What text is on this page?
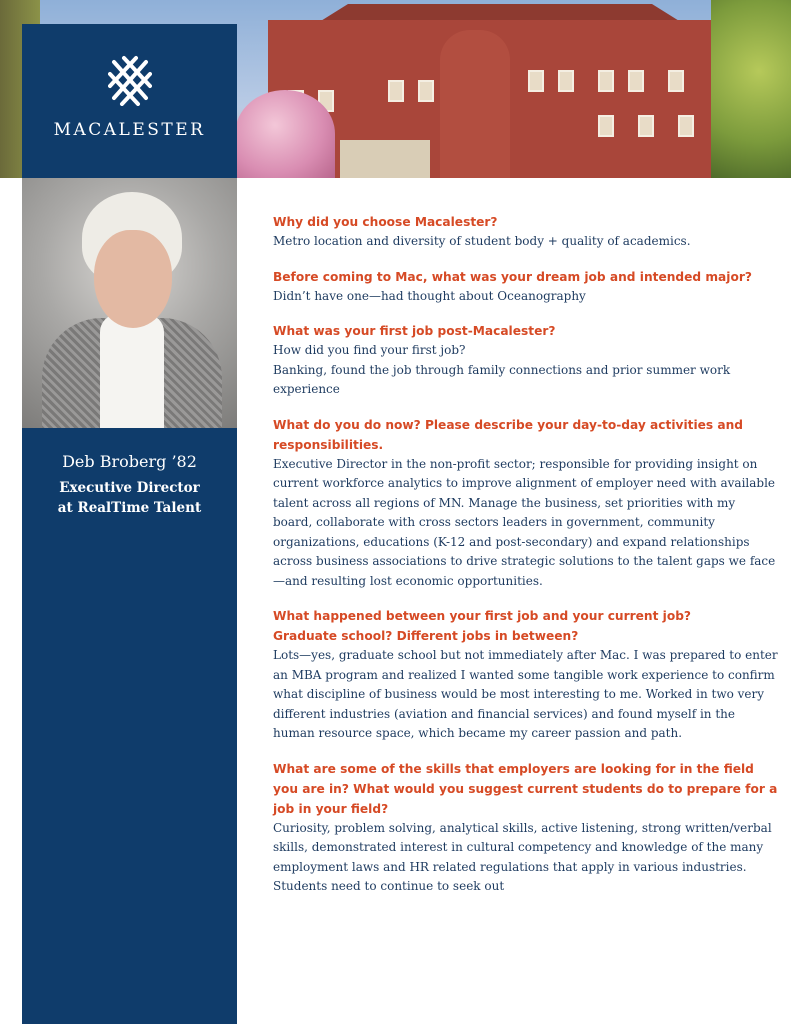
MACALESTER
Deb Broberg ’82
Executive Director
at RealTime Talent

Why did you choose Macalester?

Metro location and diversity of student body + quality of academics.

Before coming to Mac, what was your dream job and intended major?

Didn’t have one—had thought about Oceanography

What was your first job post-Macalester?

How did you find your first job?

Banking, found the job through family connections and prior summer work experience

What do you do now? Please describe your day-to-day activities and responsibilities.

Executive Director in the non-profit sector; responsible for providing insight on current workforce analytics to improve alignment of employer need with available talent across all regions of MN. Manage the business, set priorities with my board, collaborate with cross sectors leaders in government, community organizations, educations (K-12 and post-secondary) and expand relationships across business associations to drive strategic solutions to the talent gaps we face—and resulting lost economic opportunities.

What happened between your first job and your current job?

Graduate school? Different jobs in between?

Lots—yes, graduate school but not immediately after Mac. I was prepared to enter an MBA program and realized I wanted some tangible work experience to confirm what discipline of business would be most interesting to me. Worked in two very different industries (aviation and financial services) and found myself in the human resource space, which became my career passion and path.

What are some of the skills that employers are looking for in the field you are in? What would you suggest current students do to prepare for a job in your field?

Curiosity, problem solving, analytical skills, active listening, strong written/verbal skills, demonstrated interest in cultural competency and knowledge of the many employment laws and HR related regulations that apply in various industries. Students need to continue to seek out
